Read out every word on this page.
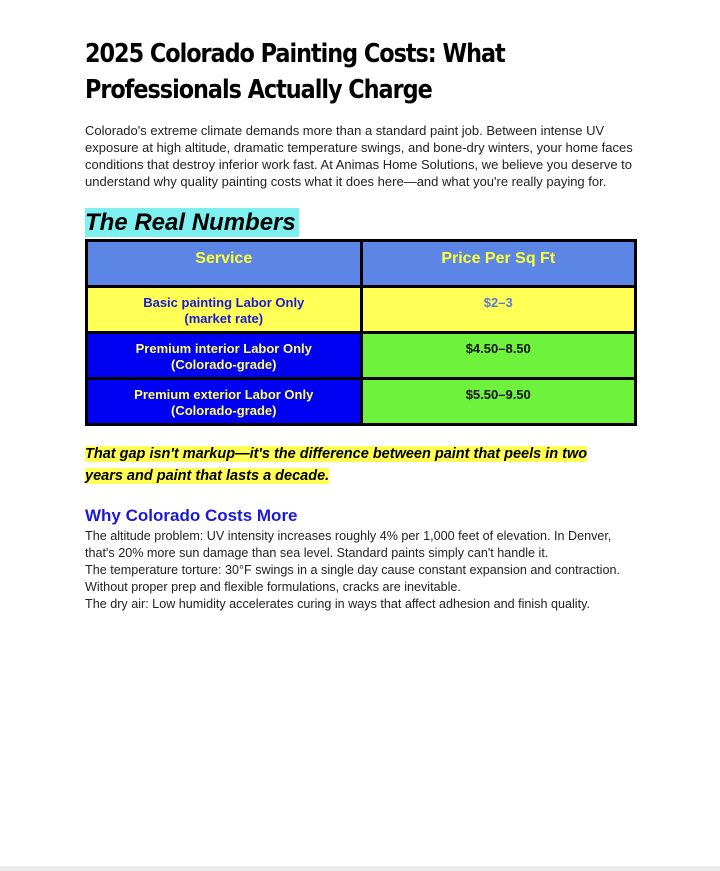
2025 Colorado Painting Costs: What
Professionals Actually Charge

Colorado's extreme climate demands more than a standard paint job. Between intense UV exposure at high altitude, dramatic temperature swings, and bone-dry winters, your home faces conditions that destroy inferior work fast. At Animas Home Solutions, we believe you deserve to understand why quality painting costs what it does here—and what you're really paying for.

The Real Numbers
Service	Price Per Sq Ft
Basic painting Labor Only
(market rate)	$2–3
Premium interior Labor Only
(Colorado-grade)	$4.50–8.50
Premium exterior Labor Only
(Colorado-grade)	$5.50–9.50
That gap isn't markup—it's the difference between paint that peels in two years and paint that lasts a decade.
Why Colorado Costs More

The altitude problem: UV intensity increases roughly 4% per 1,000 feet of elevation. In Denver, that's 20% more sun damage than sea level. Standard paints simply can't handle it.

The temperature torture: 30°F swings in a single day cause constant expansion and contraction. Without proper prep and flexible formulations, cracks are inevitable.

The dry air: Low humidity accelerates curing in ways that affect adhesion and finish quality.
